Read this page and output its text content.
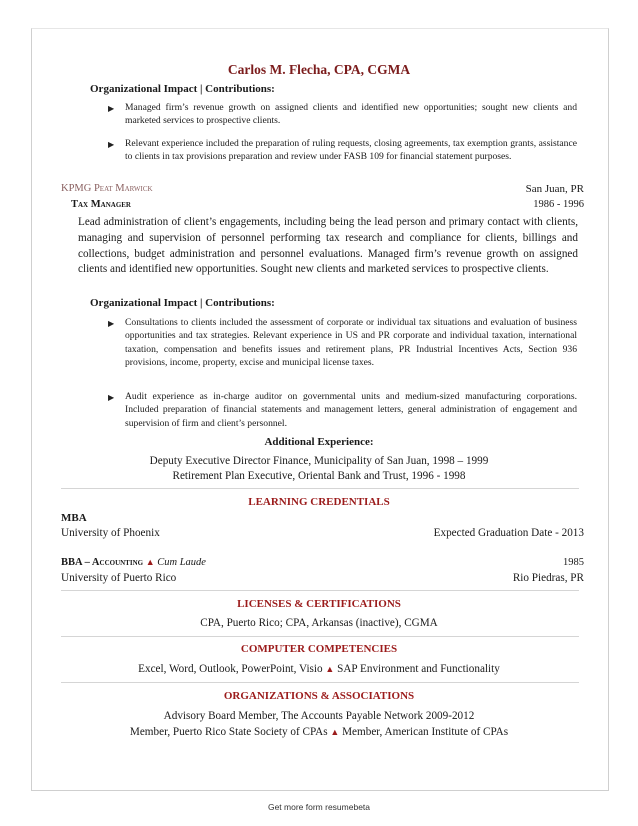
Carlos M. Flecha, CPA, CGMA
Organizational Impact | Contributions:
▶ Managed firm’s revenue growth on assigned clients and identified new opportunities; sought new clients and marketed services to prospective clients.
▶ Relevant experience included the preparation of ruling requests, closing agreements, tax exemption grants, assistance to clients in tax provisions preparation and review under FASB 109 for financial statement purposes.
KPMG Peat Marwick	San Juan, PR
Tax Manager	1986 - 1996
Lead administration of client’s engagements, including being the lead person and primary contact with clients, managing and supervision of personnel performing tax research and compliance for clients, billings and collections, budget administration and personnel evaluations. Managed firm’s revenue growth on assigned clients and identified new opportunities. Sought new clients and marketed services to prospective clients.
Organizational Impact | Contributions:
▶ Consultations to clients included the assessment of corporate or individual tax situations and evaluation of business opportunities and tax strategies. Relevant experience in US and PR corporate and individual taxation, international taxation, compensation and benefits issues and retirement plans, PR Industrial Incentives Acts, Section 936 provisions, income, property, excise and municipal license taxes.
▶ Audit experience as in-charge auditor on governmental units and medium-sized manufacturing corporations. Included preparation of financial statements and management letters, general administration of engagement and supervision of firm and client’s personnel.
Additional Experience:
Deputy Executive Director Finance, Municipality of San Juan, 1998 – 1999
Retirement Plan Executive, Oriental Bank and Trust, 1996 - 1998
LEARNING CREDENTIALS
MBA
University of Phoenix	Expected Graduation Date - 2013
BBA – Accounting ▲ Cum Laude	1985
University of Puerto Rico	Rio Piedras, PR
LICENSES & CERTIFICATIONS
CPA, Puerto Rico; CPA, Arkansas (inactive), CGMA
COMPUTER COMPETENCIES
Excel, Word, Outlook, PowerPoint, Visio ▲ SAP Environment and Functionality
ORGANIZATIONS & ASSOCIATIONS
Advisory Board Member, The Accounts Payable Network 2009-2012
Member, Puerto Rico State Society of CPAs ▲ Member, American Institute of CPAs
Get more form resumebeta
